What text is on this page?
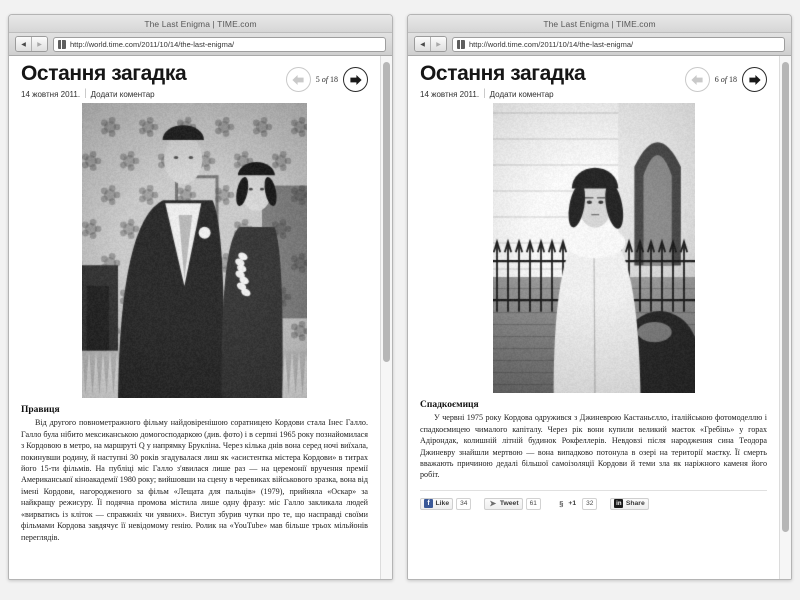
The Last Enigma | TIME.com
◀	▶	http://world.time.com/2011/10/14/the-last-enigma/
Остання загадка
14 жовтня 2011. | Додати коментар
5 of 18
Правиця

Від другого повнометражного фільму найдовіренішою соратницею Кордови стала Інес Галло. Галло була нібито мексиканською домогосподаркою (див. фото) і в серпні 1965 року познайомилася з Кордовою в метро, на маршруті Q у напрямку Бруклінa. Через кілька днів вона серед ночі виїхала, покинувши родину, й наступні 30 років згадувалася лиш як «асистентка містера Кордови» в титрах його 15-ти фільмів. На публіці міс Галло з'явилася лише раз — на церемонії вручення премії Американської кіноакадемії 1980 року; вийшовши на сцену в черевиках військового зразка, вона від імені Кордови, нагородженого за фільм «Лещата для пальців» (1979), прийняла «Оскар» за найкращу режисуру. Її подячна промова містила лише одну фразу: міс Галло закликала людей «вирватись із кліток — справжніх чи уявних». Виступ збурив чутки про те, що насправді своїми фільмами Кордова завдячує її невідомому генію. Ролик на «YouTube» мав більше трьох мільйонів переглядів.

The Last Enigma | TIME.com
◀	▶	http://world.time.com/2011/10/14/the-last-enigma/
Остання загадка
14 жовтня 2011. | Додати коментар
6 of 18
Спадкоємиця

У червні 1975 року Кордова одружився з Джиневрою Кастаньєлло, італійською фотомоделлю і спадкоємицею чималого капіталу. Через рік вони купили великий маєток «Гребінь» у горах Адірондак, колишній літній будинок Рокфеллерів. Невдовзі після народження сина Теодора Джиневру знайшли мертвою — вона випадково потонула в озері на території маєтку. Її смерть вважають причиною дедалі більшої самоізоляції Кордови й теми зла як наріжного каменя його робіт.

f Like	34	➤ Tweet	61	§ +1	32	in Share
